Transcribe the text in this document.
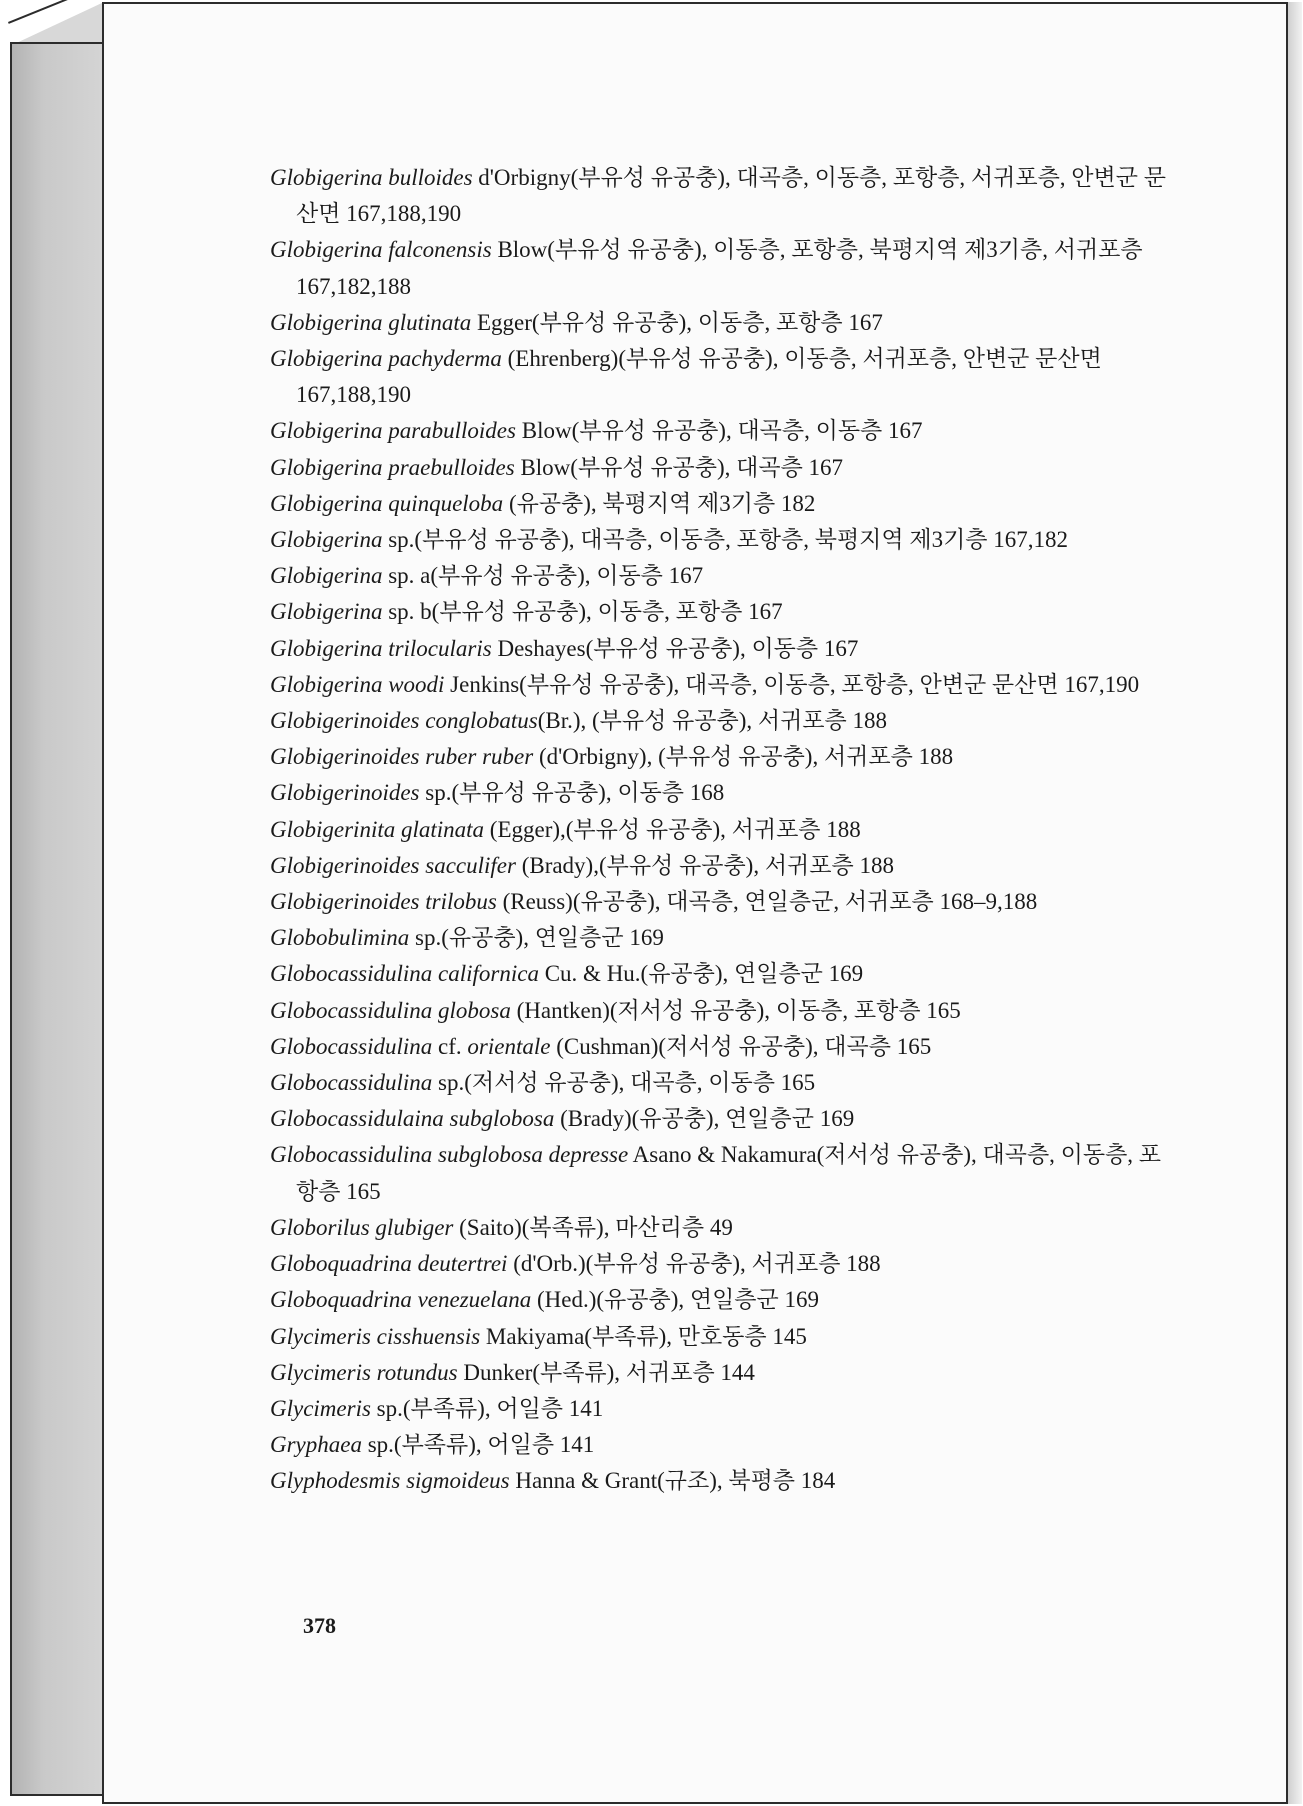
Globigerina bulloides d'Orbigny(부유성 유공충), 대곡층, 이동층, 포항층, 서귀포층, 안변군 문산면 167,188,190

Globigerina falconensis Blow(부유성 유공충), 이동층, 포항층, 북평지역 제3기층, 서귀포층 167,182,188

Globigerina glutinata Egger(부유성 유공충), 이동층, 포항층 167

Globigerina pachyderma (Ehrenberg)(부유성 유공충), 이동층, 서귀포층, 안변군 문산면 167,188,190

Globigerina parabulloides Blow(부유성 유공충), 대곡층, 이동층 167

Globigerina praebulloides Blow(부유성 유공충), 대곡층 167

Globigerina quinqueloba (유공충), 북평지역 제3기층 182

Globigerina sp.(부유성 유공충), 대곡층, 이동층, 포항층, 북평지역 제3기층 167,182

Globigerina sp. a(부유성 유공충), 이동층 167

Globigerina sp. b(부유성 유공충), 이동층, 포항층 167

Globigerina trilocularis Deshayes(부유성 유공충), 이동층 167

Globigerina woodi Jenkins(부유성 유공충), 대곡층, 이동층, 포항층, 안변군 문산면 167,190

Globigerinoides conglobatus(Br.), (부유성 유공충), 서귀포층 188

Globigerinoides ruber ruber (d'Orbigny), (부유성 유공충), 서귀포층 188

Globigerinoides sp.(부유성 유공충), 이동층 168

Globigerinita glatinata (Egger),(부유성 유공충), 서귀포층 188

Globigerinoides sacculifer (Brady),(부유성 유공충), 서귀포층 188

Globigerinoides trilobus (Reuss)(유공충), 대곡층, 연일층군, 서귀포층 168–9,188

Globobulimina sp.(유공충), 연일층군 169

Globocassidulina californica Cu. & Hu.(유공충), 연일층군 169

Globocassidulina globosa (Hantken)(저서성 유공충), 이동층, 포항층 165

Globocassidulina cf. orientale (Cushman)(저서성 유공충), 대곡층 165

Globocassidulina sp.(저서성 유공충), 대곡층, 이동층 165

Globocassidulaina subglobosa (Brady)(유공충), 연일층군 169

Globocassidulina subglobosa depresse Asano & Nakamura(저서성 유공충), 대곡층, 이동층, 포항층 165

Globorilus glubiger (Saito)(복족류), 마산리층 49

Globoquadrina deutertrei (d'Orb.)(부유성 유공충), 서귀포층 188

Globoquadrina venezuelana (Hed.)(유공충), 연일층군 169

Glycimeris cisshuensis Makiyama(부족류), 만호동층 145

Glycimeris rotundus Dunker(부족류), 서귀포층 144

Glycimeris sp.(부족류), 어일층 141

Gryphaea sp.(부족류), 어일층 141

Glyphodesmis sigmoideus Hanna & Grant(규조), 북평층 184

378
